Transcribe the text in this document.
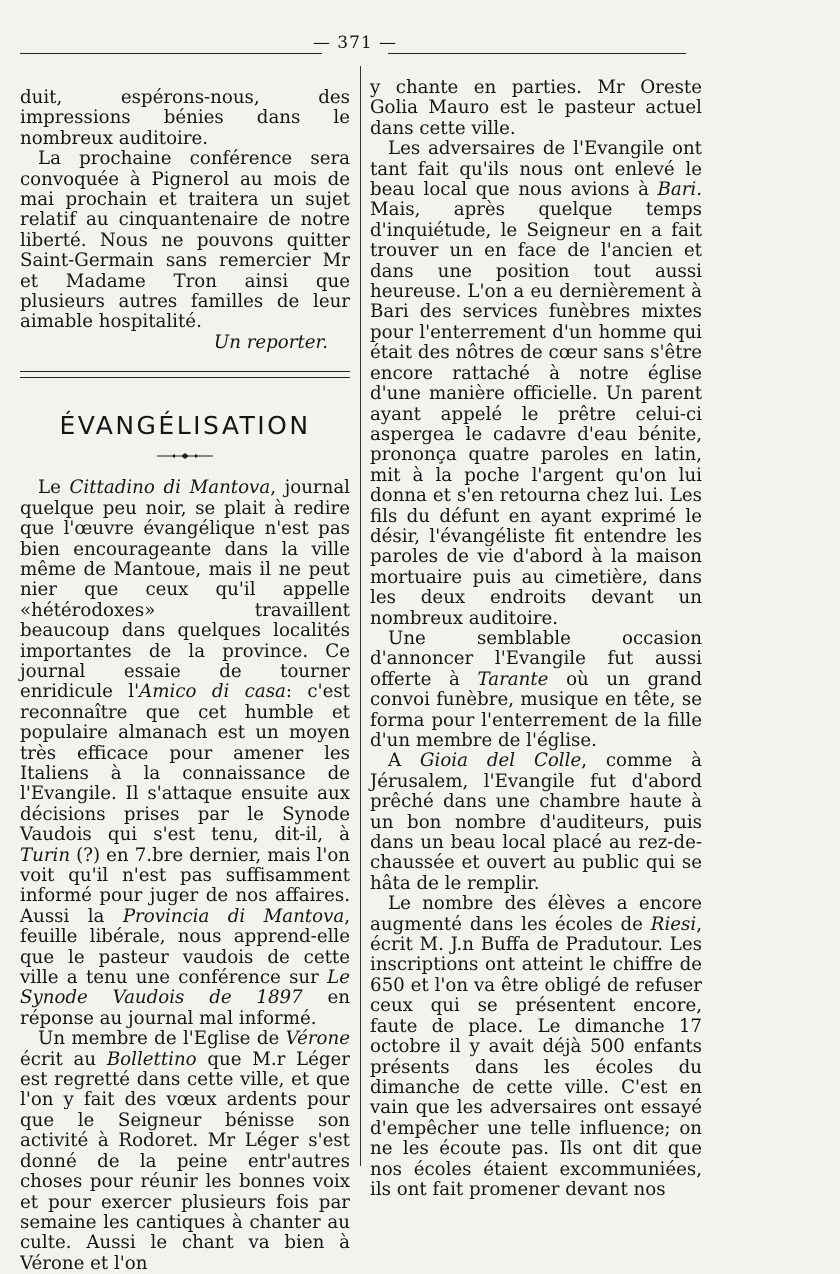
— 371 —

duit, espérons-nous, des impressions bénies dans le nombreux auditoire.

La prochaine conférence sera convoquée à Pignerol au mois de mai prochain et traitera un sujet relatif au cinquantenaire de notre liberté. Nous ne pouvons quitter Saint-Germain sans remercier Mr et Madame Tron ainsi que plusieurs autres familles de leur aimable hospitalité.

Un reporter.

ÉVANGÉLISATION

Le Cittadino di Mantova, journal quelque peu noir, se plait à redire que l'œuvre évangélique n'est pas bien encourageante dans la ville même de Mantoue, mais il ne peut nier que ceux qu'il appelle «hétérodoxes» travaillent beaucoup dans quelques localités importantes de la province. Ce journal essaie de tourner enridicule l'Amico di casa: c'est reconnaître que cet humble et populaire almanach est un moyen très efficace pour amener les Italiens à la connaissance de l'Evangile. Il s'attaque ensuite aux décisions prises par le Synode Vaudois qui s'est tenu, dit-il, à Turin (?) en 7.bre dernier, mais l'on voit qu'il n'est pas suffisamment informé pour juger de nos affaires. Aussi la Provincia di Mantova, feuille libérale, nous apprend-elle que le pasteur vaudois de cette ville a tenu une conférence sur Le Synode Vaudois de 1897 en réponse au journal mal informé.

Un membre de l'Eglise de Vérone écrit au Bollettino que M.r Léger est regretté dans cette ville, et que l'on y fait des vœux ardents pour que le Seigneur bénisse son activité à Rodoret. Mr Léger s'est donné de la peine entr'autres choses pour réunir les bonnes voix et pour exercer plusieurs fois par semaine les cantiques à chanter au culte. Aussi le chant va bien à Vérone et l'on

y chante en parties. Mr Oreste Golia Mauro est le pasteur actuel dans cette ville.

Les adversaires de l'Evangile ont tant fait qu'ils nous ont enlevé le beau local que nous avions à Bari. Mais, après quelque temps d'inquiétude, le Seigneur en a fait trouver un en face de l'ancien et dans une position tout aussi heureuse. L'on a eu dernièrement à Bari des services funèbres mixtes pour l'enterrement d'un homme qui était des nôtres de cœur sans s'être encore rattaché à notre église d'une manière officielle. Un parent ayant appelé le prêtre celui-ci aspergea le cadavre d'eau bénite, prononça quatre paroles en latin, mit à la poche l'argent qu'on lui donna et s'en retourna chez lui. Les fils du défunt en ayant exprimé le désir, l'évangéliste fit entendre les paroles de vie d'abord à la maison mortuaire puis au cimetière, dans les deux endroits devant un nombreux auditoire.

Une semblable occasion d'annoncer l'Evangile fut aussi offerte à Tarante où un grand convoi funèbre, musique en tête, se forma pour l'enterrement de la fille d'un membre de l'église.

A Gioia del Colle, comme à Jérusalem, l'Evangile fut d'abord prêché dans une chambre haute à un bon nombre d'auditeurs, puis dans un beau local placé au rez-de-chaussée et ouvert au public qui se hâta de le remplir.

Le nombre des élèves a encore augmenté dans les écoles de Riesi, écrit M. J.n Buffa de Pradutour. Les inscriptions ont atteint le chiffre de 650 et l'on va être obligé de refuser ceux qui se présentent encore, faute de place. Le dimanche 17 octobre il y avait déjà 500 enfants présents dans les écoles du dimanche de cette ville. C'est en vain que les adversaires ont essayé d'empêcher une telle influence; on ne les écoute pas. Ils ont dit que nos écoles étaient excommuniées, ils ont fait promener devant nos
